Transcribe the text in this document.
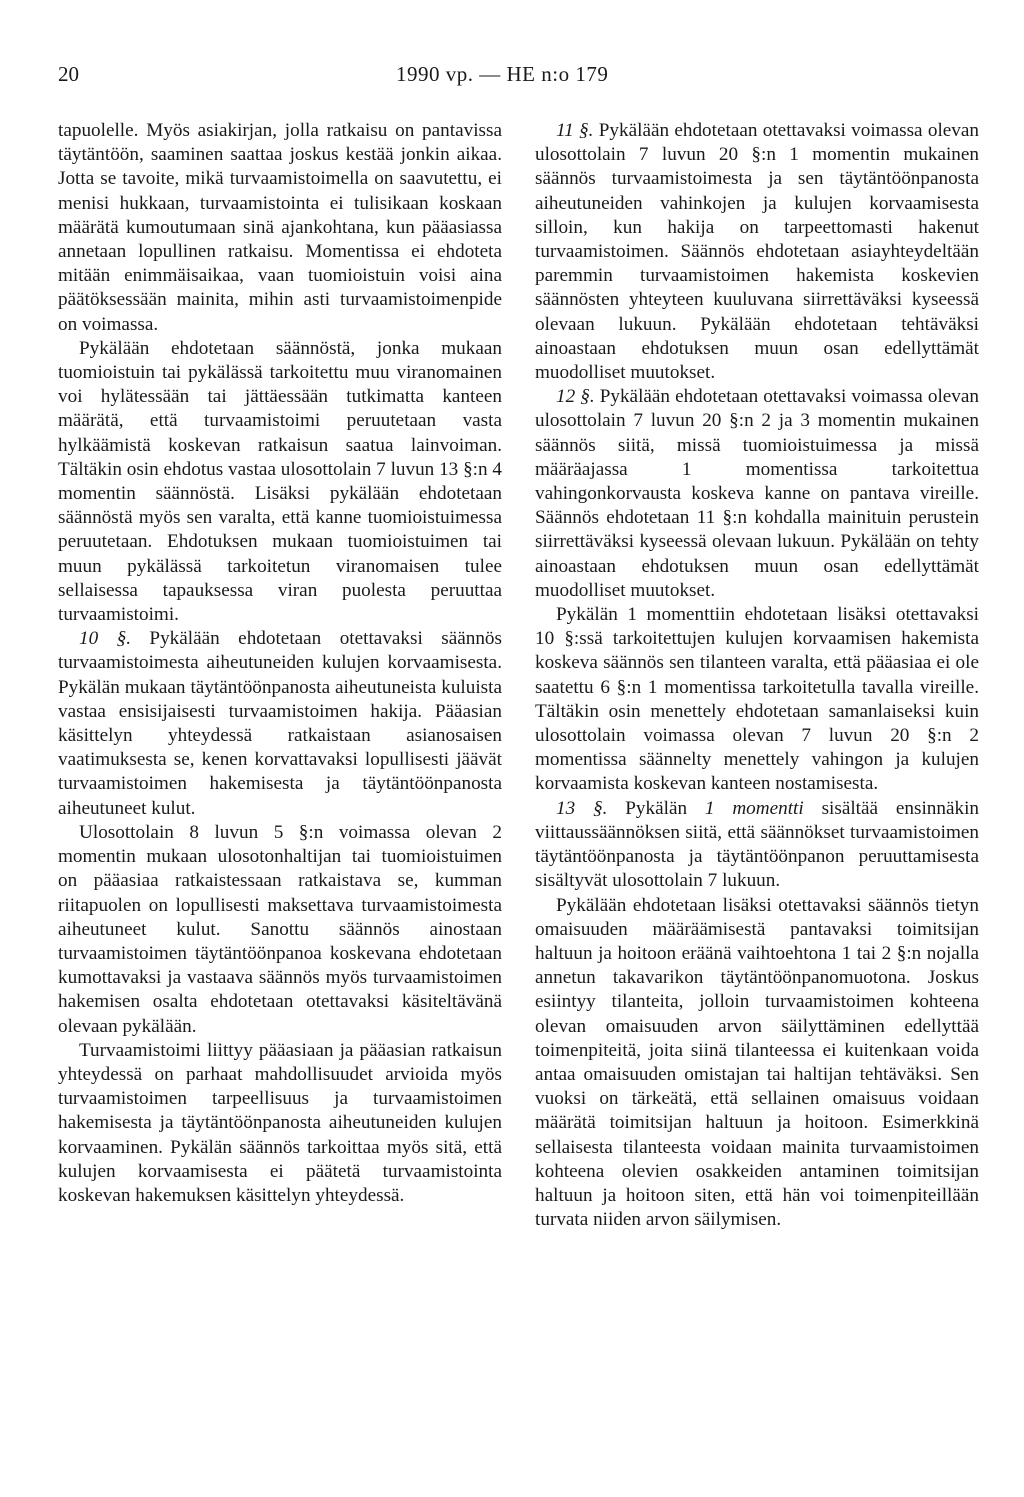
20	1990 vp. — HE n:o 179

tapuolelle. Myös asiakirjan, jolla ratkaisu on pantavissa täytäntöön, saaminen saattaa joskus kestää jonkin aikaa. Jotta se tavoite, mikä turvaamistoimella on saavutettu, ei menisi hukkaan, turvaamistointa ei tulisikaan koskaan määrätä kumoutumaan sinä ajankohtana, kun pääasiassa annetaan lopullinen ratkaisu. Momentissa ei ehdoteta mitään enimmäisaikaa, vaan tuomioistuin voisi aina päätöksessään mainita, mihin asti turvaamistoimenpide on voimassa.

Pykälään ehdotetaan säännöstä, jonka mukaan tuomioistuin tai pykälässä tarkoitettu muu viranomainen voi hylätessään tai jättäessään tutkimatta kanteen määrätä, että turvaamistoimi peruutetaan vasta hylkäämistä koskevan ratkaisun saatua lainvoiman. Tältäkin osin ehdotus vastaa ulosottolain 7 luvun 13 §:n 4 momentin säännöstä. Lisäksi pykälään ehdotetaan säännöstä myös sen varalta, että kanne tuomioistuimessa peruutetaan. Ehdotuksen mukaan tuomioistuimen tai muun pykälässä tarkoitetun viranomaisen tulee sellaisessa tapauksessa viran puolesta peruuttaa turvaamistoimi.

10 §. Pykälään ehdotetaan otettavaksi säännös turvaamistoimesta aiheutuneiden kulujen korvaamisesta. Pykälän mukaan täytäntöönpanosta aiheutuneista kuluista vastaa ensisijaisesti turvaamistoimen hakija. Pääasian käsittelyn yhteydessä ratkaistaan asianosaisen vaatimuksesta se, kenen korvattavaksi lopullisesti jäävät turvaamistoimen hakemisesta ja täytäntöönpanosta aiheutuneet kulut.

Ulosottolain 8 luvun 5 §:n voimassa olevan 2 momentin mukaan ulosotonhaltijan tai tuomioistuimen on pääasiaa ratkaistessaan ratkaistava se, kumman riitapuolen on lopullisesti maksettava turvaamistoimesta aiheutuneet kulut. Sanottu säännös ainostaan turvaamistoimen täytäntöönpanoa koskevana ehdotetaan kumottavaksi ja vastaava säännös myös turvaamistoimen hakemisen osalta ehdotetaan otettavaksi käsiteltävänä olevaan pykälään.

Turvaamistoimi liittyy pääasiaan ja pääasian ratkaisun yhteydessä on parhaat mahdollisuudet arvioida myös turvaamistoimen tarpeellisuus ja turvaamistoimen hakemisesta ja täytäntöönpanosta aiheutuneiden kulujen korvaaminen. Pykälän säännös tarkoittaa myös sitä, että kulujen korvaamisesta ei päätetä turvaamistointa koskevan hakemuksen käsittelyn yhteydessä.

11 §. Pykälään ehdotetaan otettavaksi voimassa olevan ulosottolain 7 luvun 20 §:n 1 momentin mukainen säännös turvaamistoimesta ja sen täytäntöönpanosta aiheutuneiden vahinkojen ja kulujen korvaamisesta silloin, kun hakija on tarpeettomasti hakenut turvaamistoimen. Säännös ehdotetaan asiayhteydeltään paremmin turvaamistoimen hakemista koskevien säännösten yhteyteen kuuluvana siirrettäväksi kyseessä olevaan lukuun. Pykälään ehdotetaan tehtäväksi ainoastaan ehdotuksen muun osan edellyttämät muodolliset muutokset.

12 §. Pykälään ehdotetaan otettavaksi voimassa olevan ulosottolain 7 luvun 20 §:n 2 ja 3 momentin mukainen säännös siitä, missä tuomioistuimessa ja missä määräajassa 1 momentissa tarkoitettua vahingonkorvausta koskeva kanne on pantava vireille. Säännös ehdotetaan 11 §:n kohdalla mainituin perustein siirrettäväksi kyseessä olevaan lukuun. Pykälään on tehty ainoastaan ehdotuksen muun osan edellyttämät muodolliset muutokset.

Pykälän 1 momenttiin ehdotetaan lisäksi otettavaksi 10 §:ssä tarkoitettujen kulujen korvaamisen hakemista koskeva säännös sen tilanteen varalta, että pääasiaa ei ole saatettu 6 §:n 1 momentissa tarkoitetulla tavalla vireille. Tältäkin osin menettely ehdotetaan samanlaiseksi kuin ulosottolain voimassa olevan 7 luvun 20 §:n 2 momentissa säännelty menettely vahingon ja kulujen korvaamista koskevan kanteen nostamisesta.

13 §. Pykälän 1 momentti sisältää ensinnäkin viittaussäännöksen siitä, että säännökset turvaamistoimen täytäntöönpanosta ja täytäntöönpanon peruuttamisesta sisältyvät ulosottolain 7 lukuun.

Pykälään ehdotetaan lisäksi otettavaksi säännös tietyn omaisuuden määräämisestä pantavaksi toimitsijan haltuun ja hoitoon eräänä vaihtoehtona 1 tai 2 §:n nojalla annetun takavarikon täytäntöönpanomuotona. Joskus esiintyy tilanteita, jolloin turvaamistoimen kohteena olevan omaisuuden arvon säilyttäminen edellyttää toimenpiteitä, joita siinä tilanteessa ei kuitenkaan voida antaa omaisuuden omistajan tai haltijan tehtäväksi. Sen vuoksi on tärkeätä, että sellainen omaisuus voidaan määrätä toimitsijan haltuun ja hoitoon. Esimerkkinä sellaisesta tilanteesta voidaan mainita turvaamistoimen kohteena olevien osakkeiden antaminen toimitsijan haltuun ja hoitoon siten, että hän voi toimenpiteillään turvata niiden arvon säilymisen.
